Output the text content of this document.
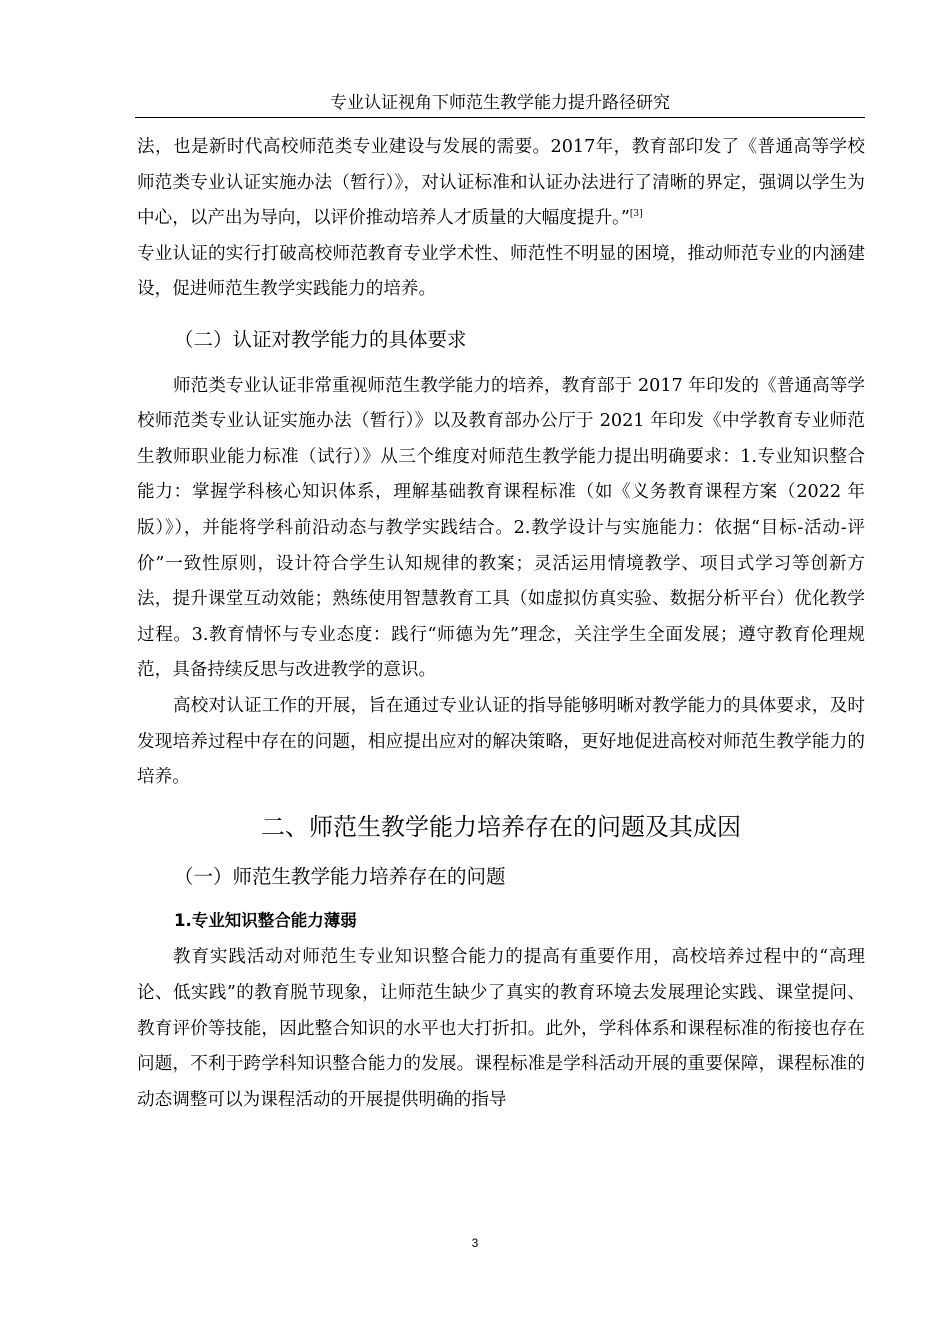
专业认证视角下师范生教学能力提升路径研究

法，也是新时代高校师范类专业建设与发展的需要。2017年，教育部印发了《普通高等学校师范类专业认证实施办法（暂行）》，对认证标准和认证办法进行了清晰的界定，强调以学生为中心，以产出为导向，以评价推动培养人才质量的大幅度提升。”[3]

专业认证的实行打破高校师范教育专业学术性、师范性不明显的困境，推动师范专业的内涵建设，促进师范生教学实践能力的培养。

（二）认证对教学能力的具体要求

师范类专业认证非常重视师范生教学能力的培养，教育部于 2017 年印发的《普通高等学校师范类专业认证实施办法（暂行）》以及教育部办公厅于 2021 年印发《中学教育专业师范生教师职业能力标准（试行）》从三个维度对师范生教学能力提出明确要求：1.专业知识整合能力：掌握学科核心知识体系，理解基础教育课程标准（如《义务教育课程方案（2022 年版）》），并能将学科前沿动态与教学实践结合。2.教学设计与实施能力：依据“目标-活动-评价”一致性原则，设计符合学生认知规律的教案；灵活运用情境教学、项目式学习等创新方法，提升课堂互动效能；熟练使用智慧教育工具（如虚拟仿真实验、数据分析平台）优化教学过程。3.教育情怀与专业态度：践行“师德为先”理念，关注学生全面发展；遵守教育伦理规范，具备持续反思与改进教学的意识。

高校对认证工作的开展，旨在通过专业认证的指导能够明晰对教学能力的具体要求，及时发现培养过程中存在的问题，相应提出应对的解决策略，更好地促进高校对师范生教学能力的培养。

二、师范生教学能力培养存在的问题及其成因
（一）师范生教学能力培养存在的问题
1.专业知识整合能力薄弱

教育实践活动对师范生专业知识整合能力的提高有重要作用，高校培养过程中的“高理论、低实践”的教育脱节现象，让师范生缺少了真实的教育环境去发展理论实践、课堂提问、教育评价等技能，因此整合知识的水平也大打折扣。此外，学科体系和课程标准的衔接也存在问题，不利于跨学科知识整合能力的发展。课程标准是学科活动开展的重要保障，课程标准的动态调整可以为课程活动的开展提供明确的指导

3
